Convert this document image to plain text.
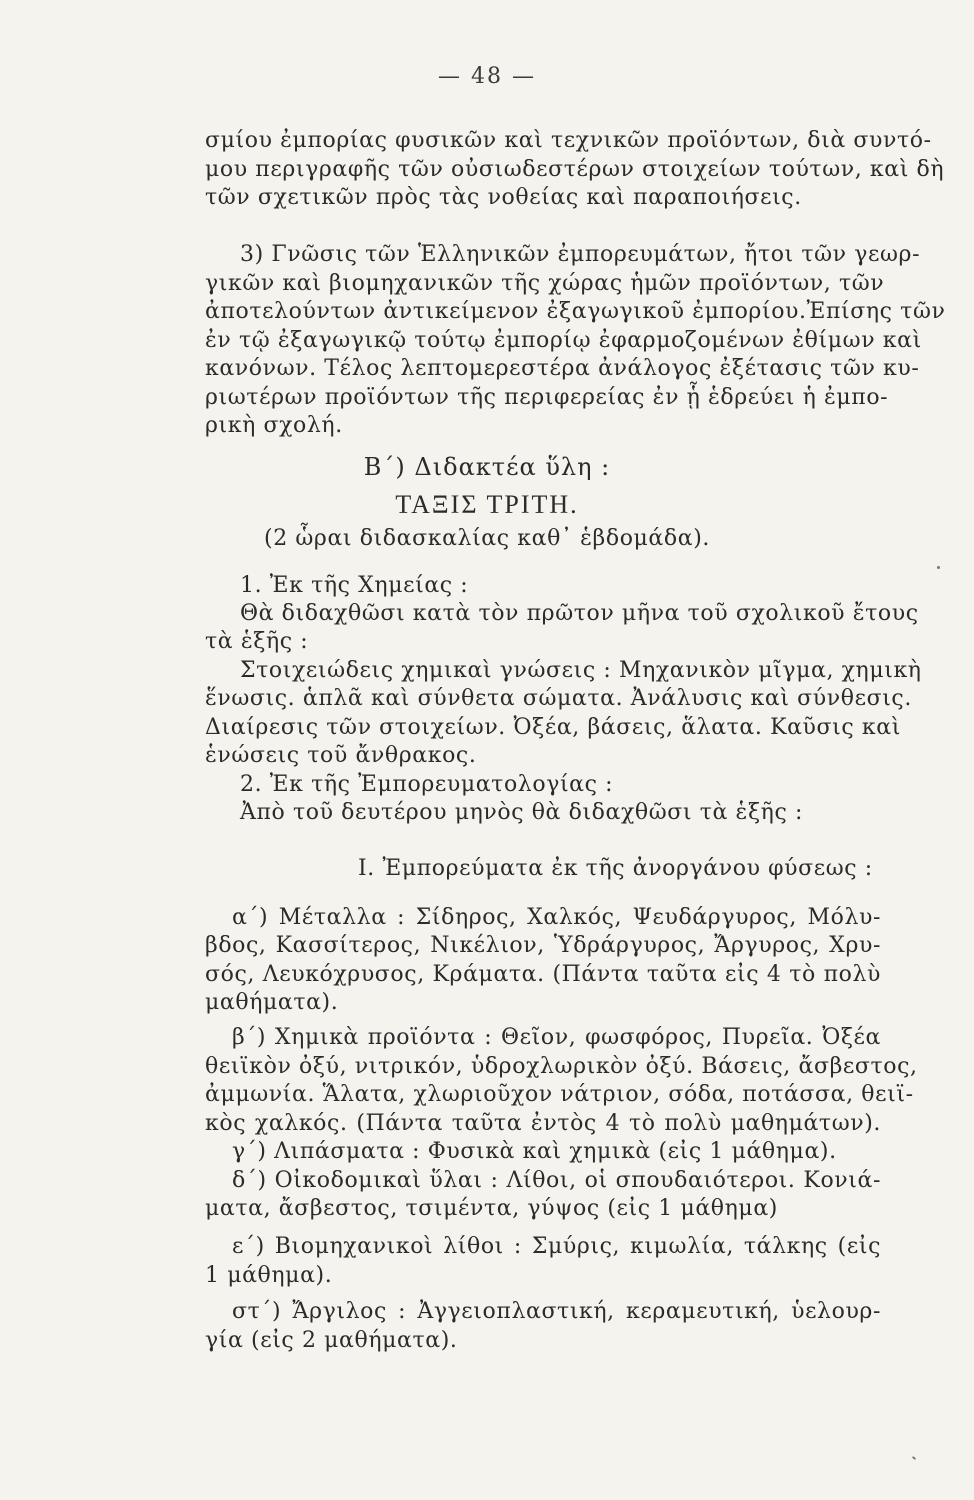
— 48 —
σμίου ἐμπορίας φυσικῶν καὶ τεχνικῶν προϊόντων, διὰ συντό-
μου περιγραφῆς τῶν οὐσιωδεστέρων στοιχείων τούτων, καὶ δὴ
τῶν σχετικῶν πρὸς τὰς νοθείας καὶ παραποιήσεις.
3) Γνῶσις τῶν Ἑλληνικῶν ἐμπορευμάτων, ἤτοι τῶν γεωρ-
γικῶν καὶ βιομηχανικῶν τῆς χώρας ἡμῶν προϊόντων, τῶν
ἀποτελούντων ἀντικείμενον ἐξαγωγικοῦ ἐμπορίου.Ἐπίσης τῶν
ἐν τῷ ἐξαγωγικῷ τούτῳ ἐμπορίῳ ἐφαρμοζομένων ἐθίμων καὶ
κανόνων. Τέλος λεπτομερεστέρα ἀνάλογος ἐξέτασις τῶν κυ-
ριωτέρων προϊόντων τῆς περιφερείας ἐν ᾗ ἑδρεύει ἡ ἐμπο-
ρικὴ σχολή.
Β΄) Διδακτέα ὕλη :
ΤΑΞΙΣ ΤΡΙΤΗ.
(2 ὧραι διδασκαλίας καθ᾽ ἑβδομάδα).
1. Ἐκ τῆς Χημείας :
Θὰ διδαχθῶσι κατὰ τὸν πρῶτον μῆνα τοῦ σχολικοῦ ἔτους
τὰ ἑξῆς :
Στοιχειώδεις χημικαὶ γνώσεις : Μηχανικὸν μῖγμα, χημικὴ
ἕνωσις. ἁπλᾶ καὶ σύνθετα σώματα. Ἀνάλυσις καὶ σύνθεσις.
Διαίρεσις τῶν στοιχείων. Ὀξέα, βάσεις, ἅλατα. Καῦσις καὶ
ἑνώσεις τοῦ ἄνθρακος.
2. Ἐκ τῆς Ἐμπορευματολογίας :
Ἀπὸ τοῦ δευτέρου μηνὸς θὰ διδαχθῶσι τὰ ἑξῆς :
Ι. Ἐμπορεύματα ἐκ τῆς ἀνοργάνου φύσεως :
α΄) Μέταλλα : Σίδηρος, Χαλκός, Ψευδάργυρος, Μόλυ-
βδος, Κασσίτερος, Νικέλιον, Ὑδράργυρος, Ἄργυρος, Χρυ-
σός, Λευκόχρυσος, Κράματα. (Πάντα ταῦτα εἰς 4 τὸ πολὺ
μαθήματα).
β΄) Χημικὰ προϊόντα : Θεῖον, φωσφόρος, Πυρεῖα. Ὀξέα
θειϊκὸν ὀξύ, νιτρικόν, ὑδροχλωρικὸν ὀξύ. Βάσεις, ἄσβεστος,
ἀμμωνία. Ἅλατα, χλωριοῦχον νάτριον, σόδα, ποτάσσα, θειϊ-
κὸς χαλκός. (Πάντα ταῦτα ἐντὸς 4 τὸ πολὺ μαθημάτων).
γ΄) Λιπάσματα : Φυσικὰ καὶ χημικὰ (εἰς 1 μάθημα).
δ΄) Οἰκοδομικαὶ ὕλαι : Λίθοι, οἱ σπουδαιότεροι. Κονιά-
ματα, ἄσβεστος, τσιμέντα, γύψος (εἰς 1 μάθημα)
ε΄) Βιομηχανικοὶ λίθοι : Σμύρις, κιμωλία, τάλκης (εἰς
1 μάθημα).
στ΄) Ἄργιλος : Ἀγγειοπλαστική, κεραμευτική, ὑελουρ-
γία (εἰς 2 μαθήματα).
